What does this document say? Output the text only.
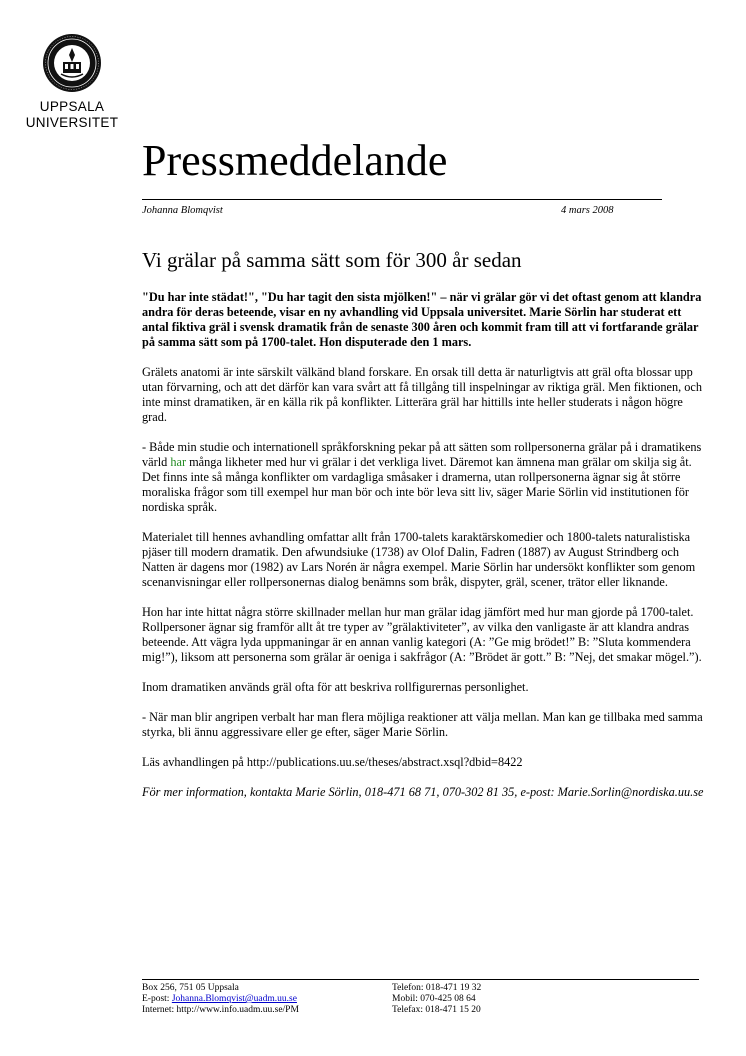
UPPSALA
UNIVERSITET
Pressmeddelande
Johanna Blomqvist	4 mars 2008
Vi grälar på samma sätt som för 300 år sedan

"Du har inte städat!", "Du har tagit den sista mjölken!" – när vi grälar gör vi det oftast genom att klandra andra för deras beteende, visar en ny avhandling vid Uppsala universitet. Marie Sörlin har studerat ett antal fiktiva gräl i svensk dramatik från de senaste 300 åren och kommit fram till att vi fortfarande grälar på samma sätt som på 1700-talet. Hon disputerade den 1 mars.

Grälets anatomi är inte särskilt välkänd bland forskare. En orsak till detta är naturligtvis att gräl ofta blossar upp utan förvarning, och att det därför kan vara svårt att få tillgång till inspelningar av riktiga gräl. Men fiktionen, och inte minst dramatiken, är en källa rik på konflikter. Litterära gräl har hittills inte heller studerats i någon högre grad.

- Både min studie och internationell språkforskning pekar på att sätten som rollpersonerna grälar på i dramatikens värld har många likheter med hur vi grälar i det verkliga livet. Däremot kan ämnena man grälar om skilja sig åt. Det finns inte så många konflikter om vardagliga småsaker i dramerna, utan rollpersonerna ägnar sig åt större moraliska frågor som till exempel hur man bör och inte bör leva sitt liv, säger Marie Sörlin vid institutionen för nordiska språk.

Materialet till hennes avhandling omfattar allt från 1700-talets karaktärskomedier och 1800-talets naturalistiska pjäser till modern dramatik. Den afwundsiuke (1738) av Olof Dalin, Fadren (1887) av August Strindberg och Natten är dagens mor (1982) av Lars Norén är några exempel. Marie Sörlin har undersökt konflikter som genom scenanvisningar eller rollpersonernas dialog benämns som bråk, dispyter, gräl, scener, trätor eller liknande.

Hon har inte hittat några större skillnader mellan hur man grälar idag jämfört med hur man gjorde på 1700-talet. Rollpersoner ägnar sig framför allt åt tre typer av ”grälaktiviteter”, av vilka den vanligaste är att klandra andras beteende. Att vägra lyda uppmaningar är en annan vanlig kategori (A: ”Ge mig brödet!” B: ”Sluta kommendera mig!”), liksom att personerna som grälar är oeniga i sakfrågor (A: ”Brödet är gott.” B: ”Nej, det smakar mögel.”).

Inom dramatiken används gräl ofta för att beskriva rollfigurernas personlighet.

- När man blir angripen verbalt har man flera möjliga reaktioner att välja mellan. Man kan ge tillbaka med samma styrka, bli ännu aggressivare eller ge efter, säger Marie Sörlin.

Läs avhandlingen på http://publications.uu.se/theses/abstract.xsql?dbid=8422

För mer information, kontakta Marie Sörlin, 018-471 68 71, 070-302 81 35, e-post: Marie.Sorlin@nordiska.uu.se

Box 256, 751 05 Uppsala
E-post: Johanna.Blomqvist@uadm.uu.se
Internet: http://www.info.uadm.uu.se/PM
Telefon: 018-471 19 32
Mobil: 070-425 08 64
Telefax: 018-471 15 20
